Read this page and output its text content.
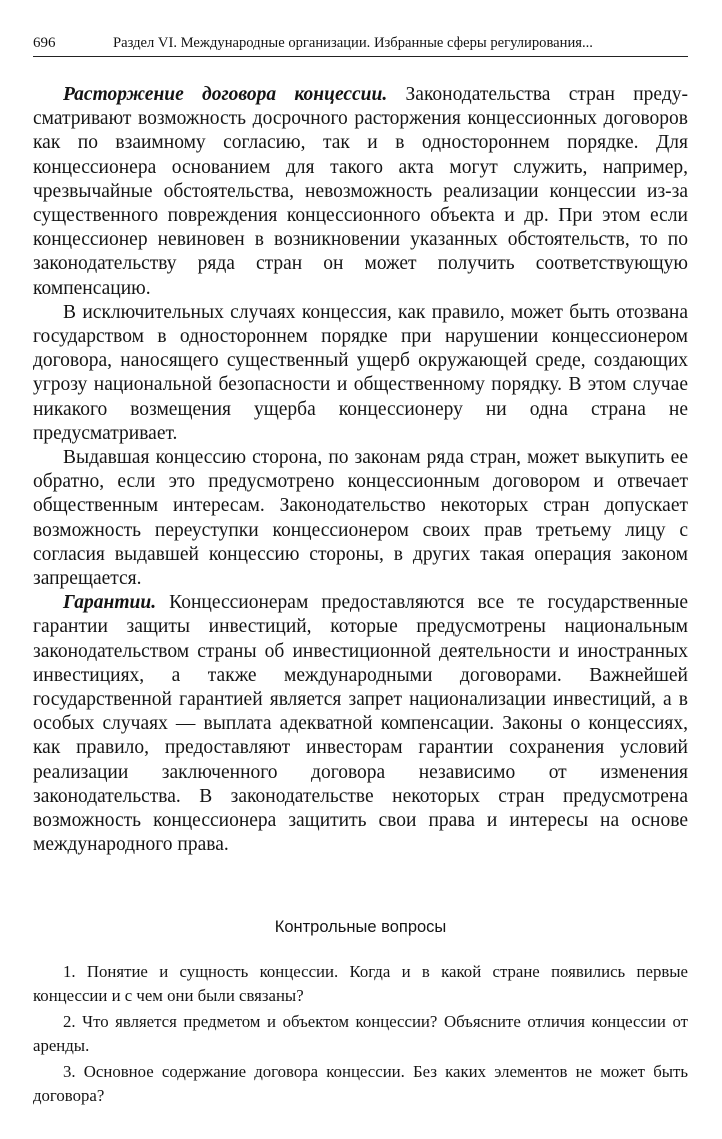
696	Раздел VI. Международные организации. Избранные сферы регулирования...

Расторжение договора концессии. Законодательства стран предусматривают возможность досрочного расторжения концессионных договоров как по взаимному согласию, так и в одностороннем порядке. Для концессионера основанием для такого акта могут служить, например, чрезвычайные обстоятельства, невозможность реализации концессии из-за существенного повреждения концессионного объекта и др. При этом если концессионер невиновен в возникновении указанных обстоятельств, то по законодательству ряда стран он может получить соответствующую компенсацию.

В исключительных случаях концессия, как правило, может быть отозвана государством в одностороннем порядке при нарушении концессионером договора, наносящего существенный ущерб окружающей среде, создающих угрозу национальной безопасности и общественному порядку. В этом случае никакого возмещения ущерба концессионеру ни одна страна не предусматривает.

Выдавшая концессию сторона, по законам ряда стран, может выкупить ее обратно, если это предусмотрено концессионным договором и отвечает общественным интересам. Законодательство некоторых стран допускает возможность переуступки концессионером своих прав третьему лицу с согласия выдавшей концессию стороны, в других такая операция законом запрещается.

Гарантии. Концессионерам предоставляются все те государственные гарантии защиты инвестиций, которые предусмотрены национальным законодательством страны об инвестиционной деятельности и иностранных инвестициях, а также международными договорами. Важнейшей государственной гарантией является запрет национализации инвестиций, а в особых случаях — выплата адекватной компенсации. Законы о концессиях, как правило, предоставляют инвесторам гарантии сохранения условий реализации заключенного договора независимо от изменения законодательства. В законодательстве некоторых стран предусмотрена возможность концессионера защитить свои права и интересы на основе международного права.

Контрольные вопросы

1. Понятие и сущность концессии. Когда и в какой стране появились первые концессии и с чем они были связаны?

2. Что является предметом и объектом концессии? Объясните отличия концессии от аренды.

3. Основное содержание договора концессии. Без каких элементов не может быть договора?
